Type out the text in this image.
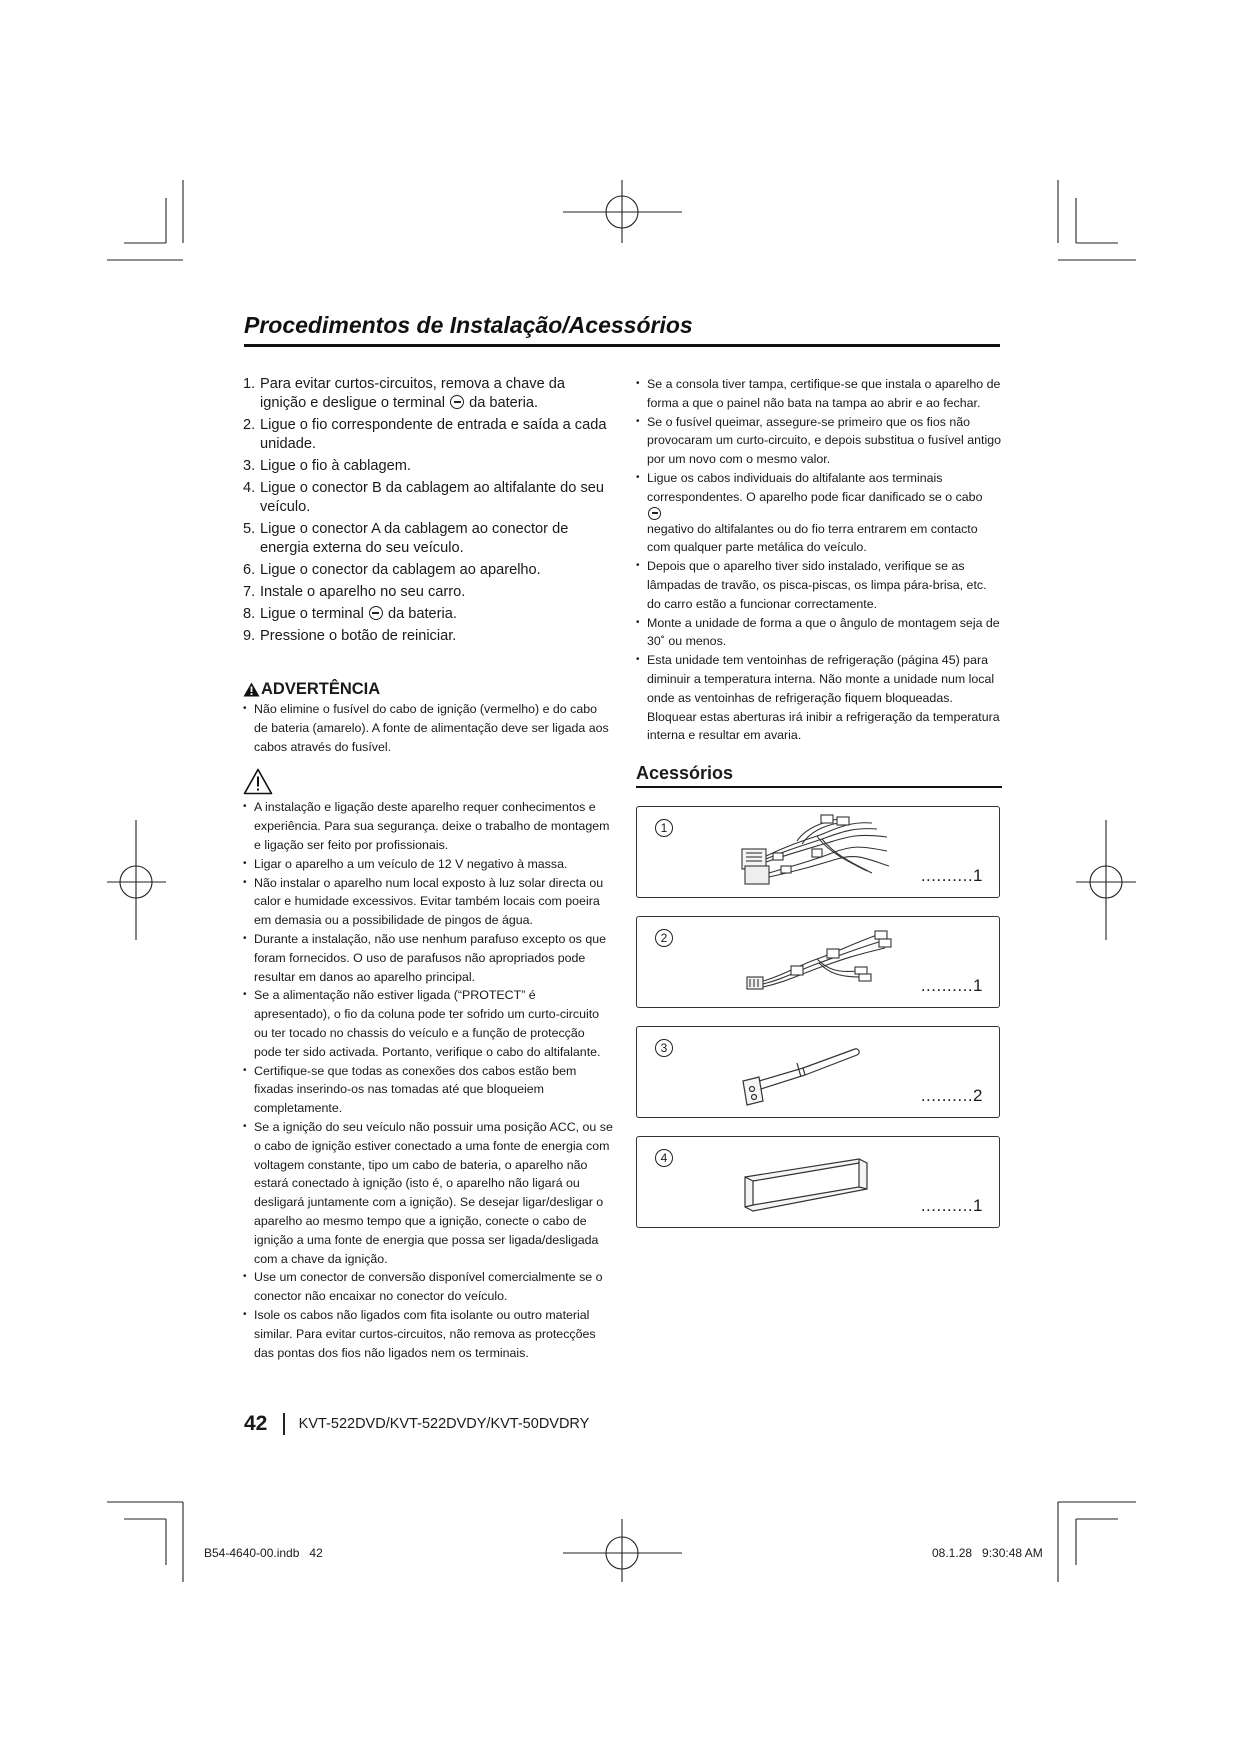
Procedimentos de Instalação/Acessórios
1. Para evitar curtos-circuitos, remova a chave da ignição e desligue o terminal  da bateria.
2. Ligue o fio correspondente de entrada e saída a cada unidade.
3. Ligue o fio à cablagem.
4. Ligue o conector B da cablagem ao altifalante do seu veículo.
5. Ligue o conector A da cablagem ao conector de energia externa do seu veículo.
6. Ligue o conector da cablagem ao aparelho.
7. Instale o aparelho no seu carro.
8. Ligue o terminal  da bateria.
9. Pressione o botão de reiniciar.
ADVERTÊNCIA
• Não elimine o fusível do cabo de ignição (vermelho) e do cabo de bateria (amarelo). A fonte de alimentação deve ser ligada aos cabos através do fusível.
• A instalação e ligação deste aparelho requer conhecimentos e experiência. Para sua segurança. deixe o trabalho de montagem e ligação ser feito por profissionais.
• Ligar o aparelho a um veículo de 12 V negativo à massa.
• Não instalar o aparelho num local exposto à luz solar directa ou calor e humidade excessivos. Evitar também locais com poeira em demasia ou a possibilidade de pingos de água.
• Durante a instalação, não use nenhum parafuso excepto os que foram fornecidos. O uso de parafusos não apropriados pode resultar em danos ao aparelho principal.
• Se a alimentação não estiver ligada (“PROTECT” é apresentado), o fio da coluna pode ter sofrido um curto-circuito ou ter tocado no chassis do veículo e a função de protecção pode ter sido activada. Portanto, verifique o cabo do altifalante.
• Certifique-se que todas as conexões dos cabos estão bem fixadas inserindo-os nas tomadas até que bloqueiem completamente.
• Se a ignição do seu veículo não possuir uma posição ACC, ou se o cabo de ignição estiver conectado a uma fonte de energia com voltagem constante, tipo um cabo de bateria, o aparelho não estará conectado à ignição (isto é, o aparelho não ligará ou desligará juntamente com a ignição). Se desejar ligar/desligar o aparelho ao mesmo tempo que a ignição, conecte o cabo de ignição a uma fonte de energia que possa ser ligada/desligada com a chave da ignição.
• Use um conector de conversão disponível comercialmente se o conector não encaixar no conector do veículo.
• Isole os cabos não ligados com fita isolante ou outro material similar. Para evitar curtos-circuitos, não remova as protecções das pontas dos fios não ligados nem os terminais.
• Se a consola tiver tampa, certifique-se que instala o aparelho de forma a que o painel não bata na tampa ao abrir e ao fechar.
• Se o fusível queimar, assegure-se primeiro que os fios não provocaram um curto-circuito, e depois substitua o fusível antigo por um novo com o mesmo valor.
• Ligue os cabos individuais do altifalante aos terminais correspondentes. O aparelho pode ficar danificado se o cabo
negativo do altifalantes ou do fio terra entrarem em contacto com qualquer parte metálica do veículo.
• Depois que o aparelho tiver sido instalado, verifique se as lâmpadas de travão, os pisca-piscas, os limpa pára-brisa, etc. do carro estão a funcionar correctamente.
• Monte a unidade de forma a que o ângulo de montagem seja de 30˚ ou menos.
• Esta unidade tem ventoinhas de refrigeração (página 45) para diminuir a temperatura interna. Não monte a unidade num local onde as ventoinhas de refrigeração fiquem bloqueadas. Bloquear estas aberturas irá inibir a refrigeração da temperatura interna e resultar em avaria.
Acessórios
1
..........1
2
..........1
3
..........2
4
..........1
42 KVT-522DVD/KVT-522DVDY/KVT-50DVDRY
B54-4640-00.indb   42	08.1.28   9:30:48 AM
